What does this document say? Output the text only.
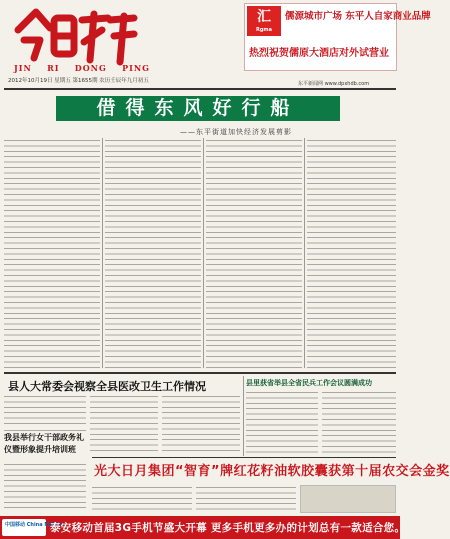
JIN RI DONG PING
2012年10月19日 星期五 第1655期 农历壬辰年九月初五
汇
Rgma
儒源城市广场 东平人自家商业品牌
热烈祝贺儒原大酒店对外试营业
东平新闻网 www.dpxhdb.com
借得东风好行船
——东平街道加快经济发展剪影
县人大常委会视察全县医改卫生工作情况	县里获省举县全省民兵工作会议圆满成功
我县举行女干部政务礼仪暨形象提升培训班
光大日月集团“智育”牌红花籽油软胶囊获第十届农交会金奖
中国移动 China Mobile
泰安移动首届3G手机节盛大开幕 更多手机更多办的计划总有一款适合您。
